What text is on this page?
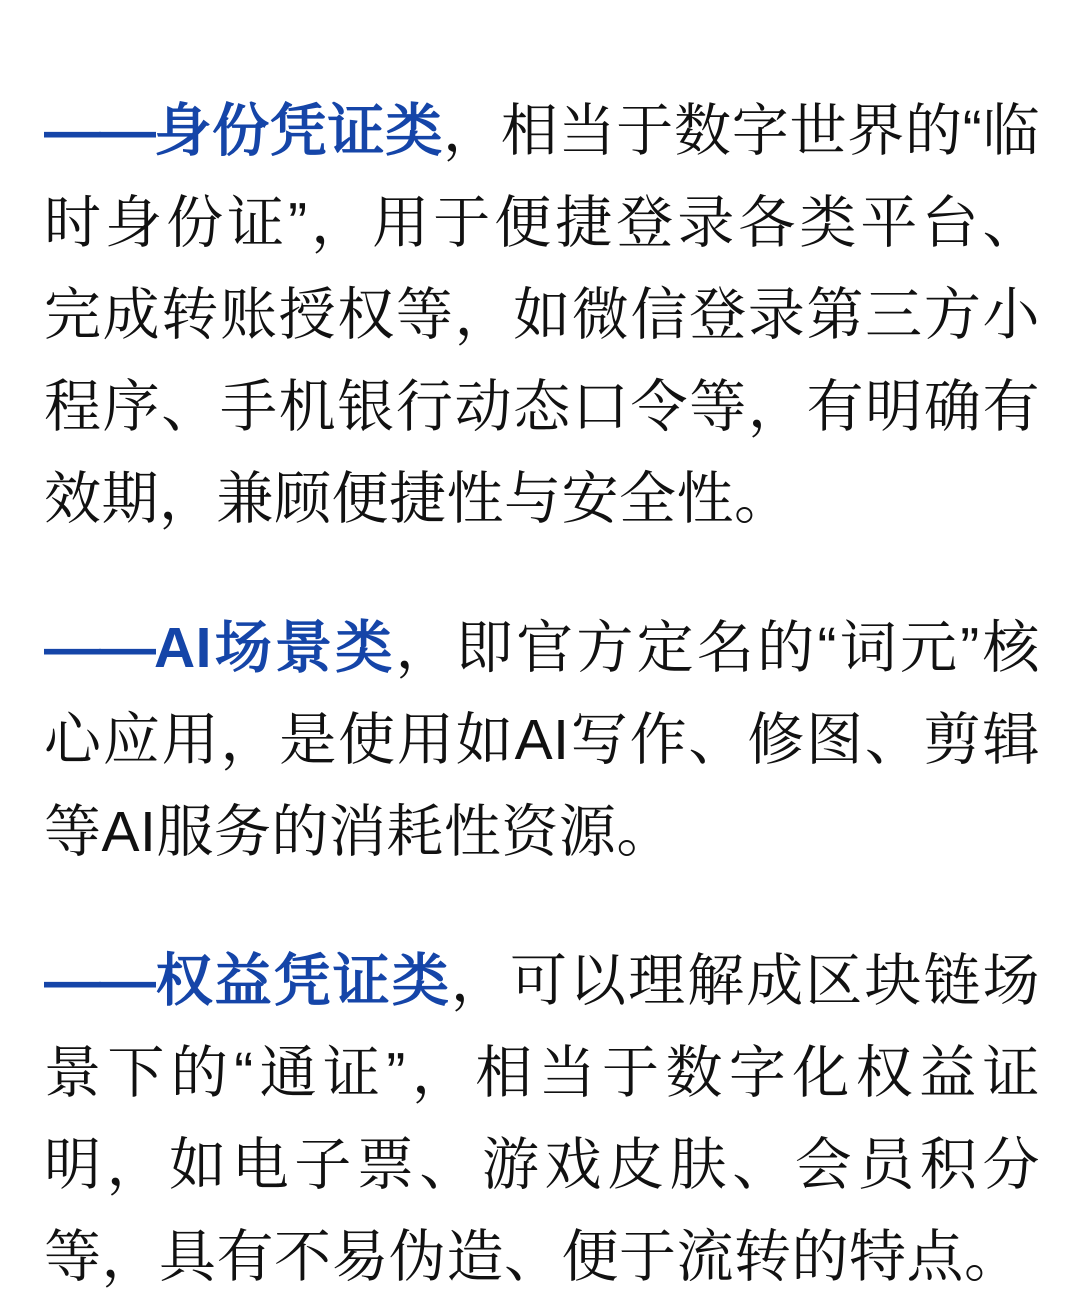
——身份凭证类，相当于数字世界的“临时身份证”，用于便捷登录各类平台、完成转账授权等，如微信登录第三方小程序、手机银行动态口令等，有明确有效期，兼顾便捷性与安全性。

——AI场景类，即官方定名的“词元”核心应用，是使用如AI写作、修图、剪辑等AI服务的消耗性资源。

——权益凭证类，可以理解成区块链场景下的“通证”，相当于数字化权益证明，如电子票、游戏皮肤、会员积分等，具有不易伪造、便于流转的特点。
